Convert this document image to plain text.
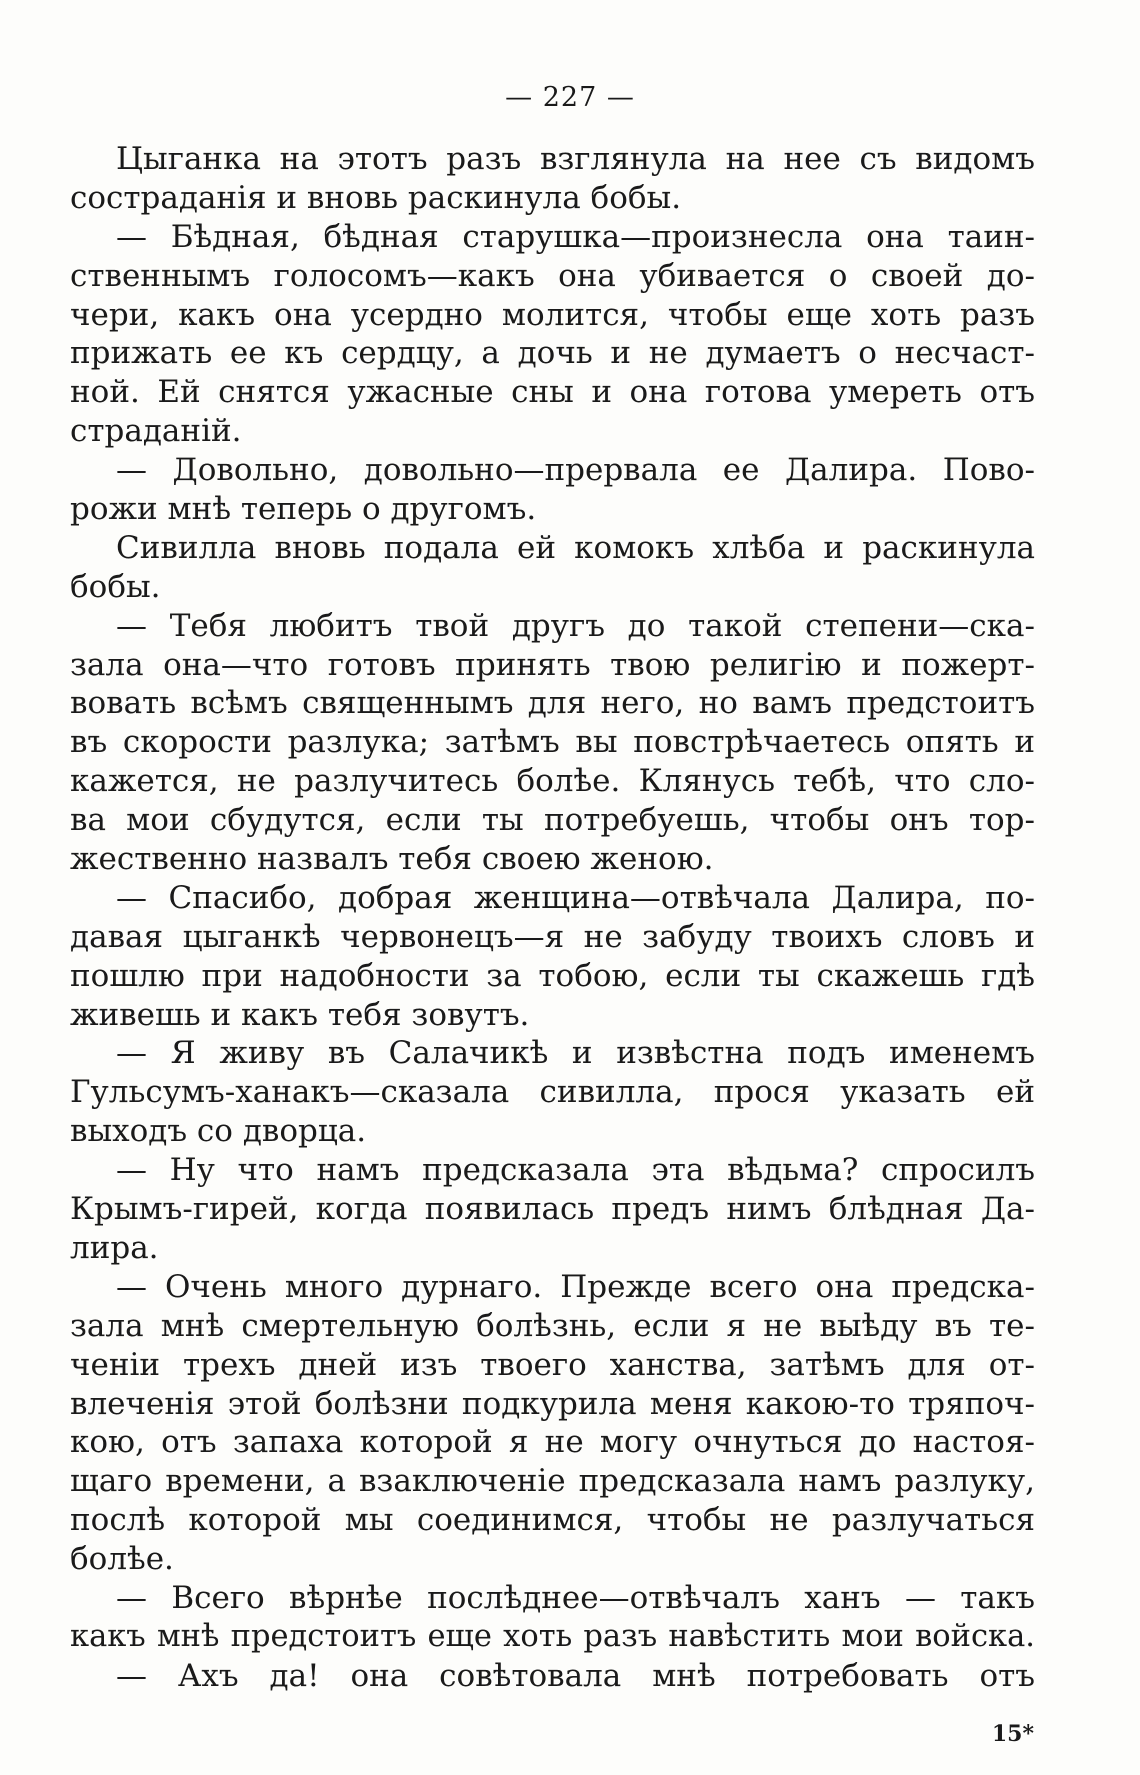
— 227 —
Цыганка на этотъ разъ взглянула на нее съ видомъ
состраданія и вновь раскинула бобы.
— Бѣдная, бѣдная старушка—произнесла она таин-
ственнымъ голосомъ—какъ она убивается о своей до-
чери, какъ она усердно молится, чтобы еще хоть разъ
прижать ее къ сердцу, а дочь и не думаетъ о несчаст-
ной. Ей снятся ужасные сны и она готова умереть отъ
страданій.
— Довольно, довольно—прервала ее Далира. Пово-
рожи мнѣ теперь о другомъ.
Сивилла вновь подала ей комокъ хлѣба и раскинула
бобы.
— Тебя любитъ твой другъ до такой степени—ска-
зала она—что готовъ принять твою религію и пожерт-
вовать всѣмъ священнымъ для него, но вамъ предстоитъ
въ скорости разлука; затѣмъ вы повстрѣчаетесь опять и
кажется, не разлучитесь болѣе. Клянусь тебѣ, что сло-
ва мои сбудутся, если ты потребуешь, чтобы онъ тор-
жественно назвалъ тебя своею женою.
— Спасибо, добрая женщина—отвѣчала Далира, по-
давая цыганкѣ червонецъ—я не забуду твоихъ словъ и
пошлю при надобности за тобою, если ты скажешь гдѣ
живешь и какъ тебя зовутъ.
— Я живу въ Салачикѣ и извѣстна подъ именемъ
Гульсумъ-ханакъ—сказала сивилла, прося указать ей
выходъ со дворца.
— Ну что намъ предсказала эта вѣдьма? спросилъ
Крымъ-гирей, когда появилась предъ нимъ блѣдная Да-
лира.
— Очень много дурнаго. Прежде всего она предска-
зала мнѣ смертельную болѣзнь, если я не выѣду въ те-
ченіи трехъ дней изъ твоего ханства, затѣмъ для от-
влеченія этой болѣзни подкурила меня какою-то тряпоч-
кою, отъ запаха которой я не могу очнуться до настоя-
щаго времени, а взаключеніе предсказала намъ разлуку,
послѣ которой мы соединимся, чтобы не разлучаться
болѣе.
— Всего вѣрнѣе послѣднее—отвѣчалъ ханъ — такъ
какъ мнѣ предстоитъ еще хоть разъ навѣстить мои войска.
— Ахъ да! она совѣтовала мнѣ потребовать отъ
15*
